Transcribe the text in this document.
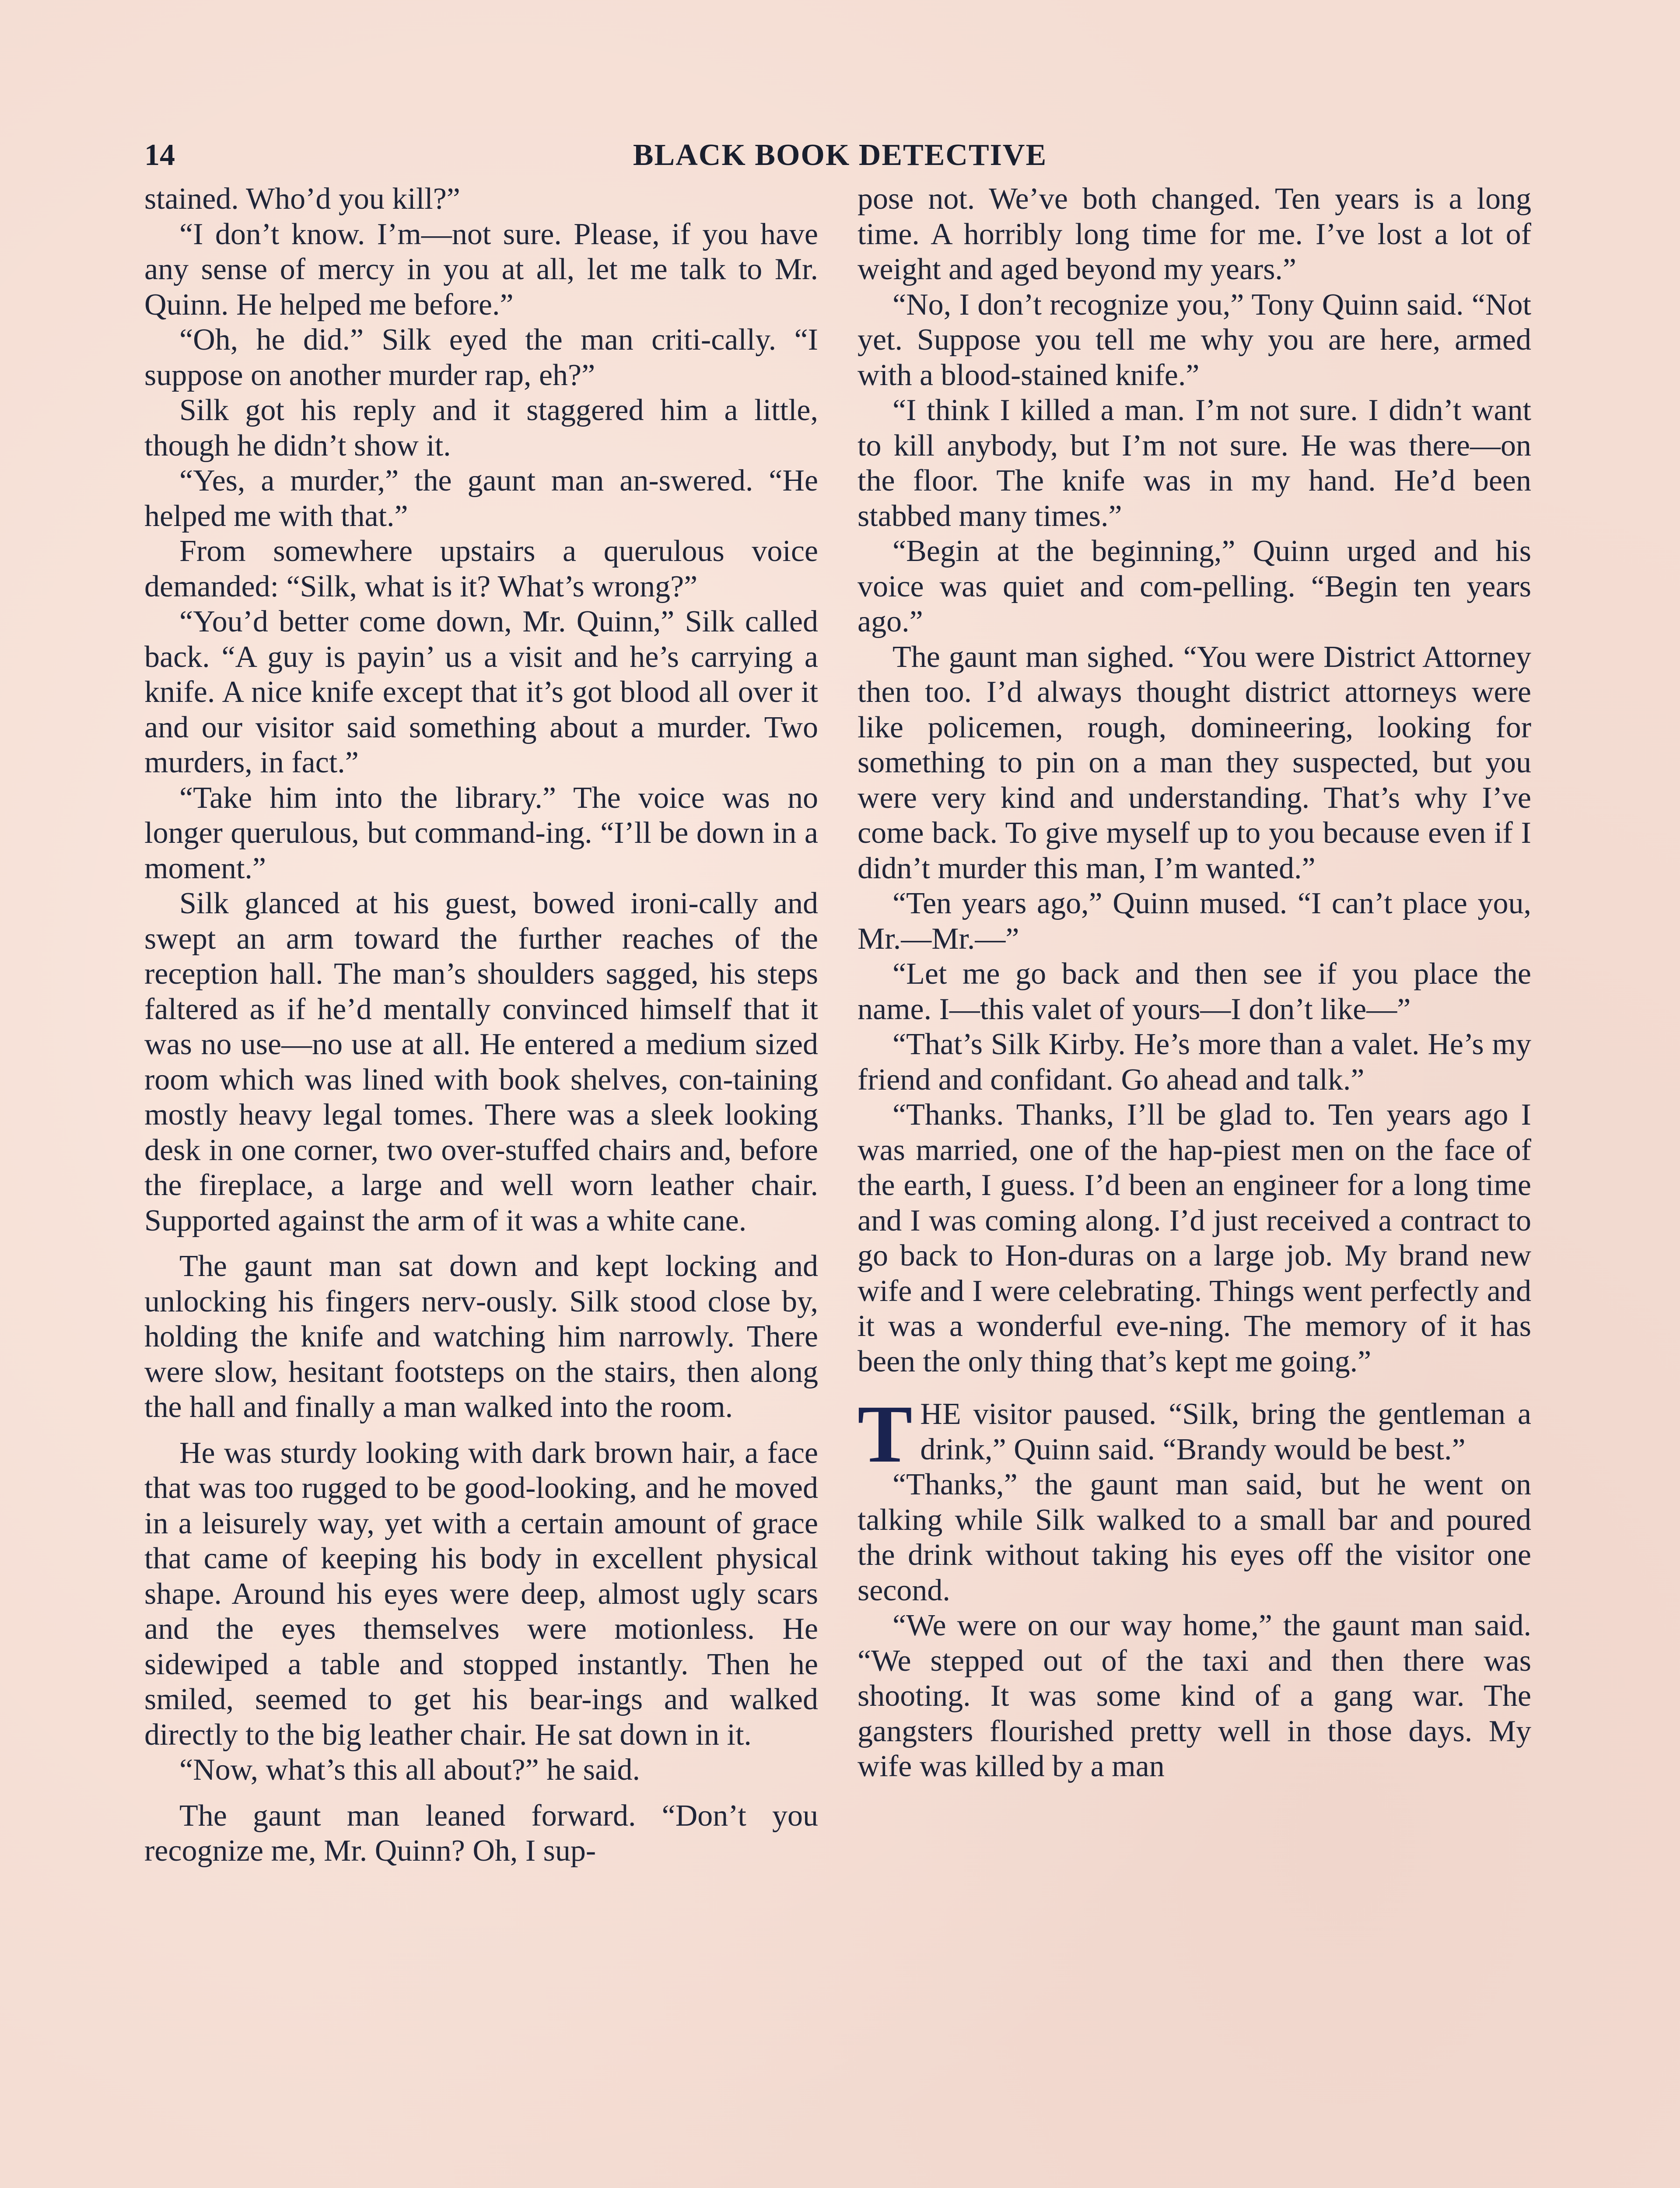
14	BLACK BOOK DETECTIVE

stained. Who’d you kill?”

“I don’t know. I’m—not sure. Please, if you have any sense of mercy in you at all, let me talk to Mr. Quinn. He helped me before.”

“Oh, he did.” Silk eyed the man criti-cally. “I suppose on another murder rap, eh?”

Silk got his reply and it staggered him a little, though he didn’t show it.

“Yes, a murder,” the gaunt man an-swered. “He helped me with that.”

From somewhere upstairs a querulous voice demanded: “Silk, what is it? What’s wrong?”

“You’d better come down, Mr. Quinn,” Silk called back. “A guy is payin’ us a visit and he’s carrying a knife. A nice knife except that it’s got blood all over it and our visitor said something about a murder. Two murders, in fact.”

“Take him into the library.” The voice was no longer querulous, but command-ing. “I’ll be down in a moment.”

Silk glanced at his guest, bowed ironi-cally and swept an arm toward the further reaches of the reception hall. The man’s shoulders sagged, his steps faltered as if he’d mentally convinced himself that it was no use—no use at all. He entered a medium sized room which was lined with book shelves, con-taining mostly heavy legal tomes. There was a sleek looking desk in one corner, two over-stuffed chairs and, before the fireplace, a large and well worn leather chair. Supported against the arm of it was a white cane.

The gaunt man sat down and kept locking and unlocking his fingers nerv-ously. Silk stood close by, holding the knife and watching him narrowly. There were slow, hesitant footsteps on the stairs, then along the hall and finally a man walked into the room.

He was sturdy looking with dark brown hair, a face that was too rugged to be good-looking, and he moved in a leisurely way, yet with a certain amount of grace that came of keeping his body in excellent physical shape. Around his eyes were deep, almost ugly scars and the eyes themselves were motionless. He sidewiped a table and stopped instantly. Then he smiled, seemed to get his bear-ings and walked directly to the big leather chair. He sat down in it.

“Now, what’s this all about?” he said.

The gaunt man leaned forward. “Don’t you recognize me, Mr. Quinn? Oh, I sup-

pose not. We’ve both changed. Ten years is a long time. A horribly long time for me. I’ve lost a lot of weight and aged beyond my years.”

“No, I don’t recognize you,” Tony Quinn said. “Not yet. Suppose you tell me why you are here, armed with a blood-stained knife.”

“I think I killed a man. I’m not sure. I didn’t want to kill anybody, but I’m not sure. He was there—on the floor. The knife was in my hand. He’d been stabbed many times.”

“Begin at the beginning,” Quinn urged and his voice was quiet and com-pelling. “Begin ten years ago.”

The gaunt man sighed. “You were District Attorney then too. I’d always thought district attorneys were like policemen, rough, domineering, looking for something to pin on a man they suspected, but you were very kind and understanding. That’s why I’ve come back. To give myself up to you because even if I didn’t murder this man, I’m wanted.”

“Ten years ago,” Quinn mused. “I can’t place you, Mr.—Mr.—”

“Let me go back and then see if you place the name. I—this valet of yours—I don’t like—”

“That’s Silk Kirby. He’s more than a valet. He’s my friend and confidant. Go ahead and talk.”

“Thanks. Thanks, I’ll be glad to. Ten years ago I was married, one of the hap-piest men on the face of the earth, I guess. I’d been an engineer for a long time and I was coming along. I’d just received a contract to go back to Hon-duras on a large job. My brand new wife and I were celebrating. Things went perfectly and it was a wonderful eve-ning. The memory of it has been the only thing that’s kept me going.”

THE visitor paused. “Silk, bring the gentleman a drink,” Quinn said. “Brandy would be best.”

“Thanks,” the gaunt man said, but he went on talking while Silk walked to a small bar and poured the drink without taking his eyes off the visitor one second.

“We were on our way home,” the gaunt man said. “We stepped out of the taxi and then there was shooting. It was some kind of a gang war. The gangsters flourished pretty well in those days. My wife was killed by a man
